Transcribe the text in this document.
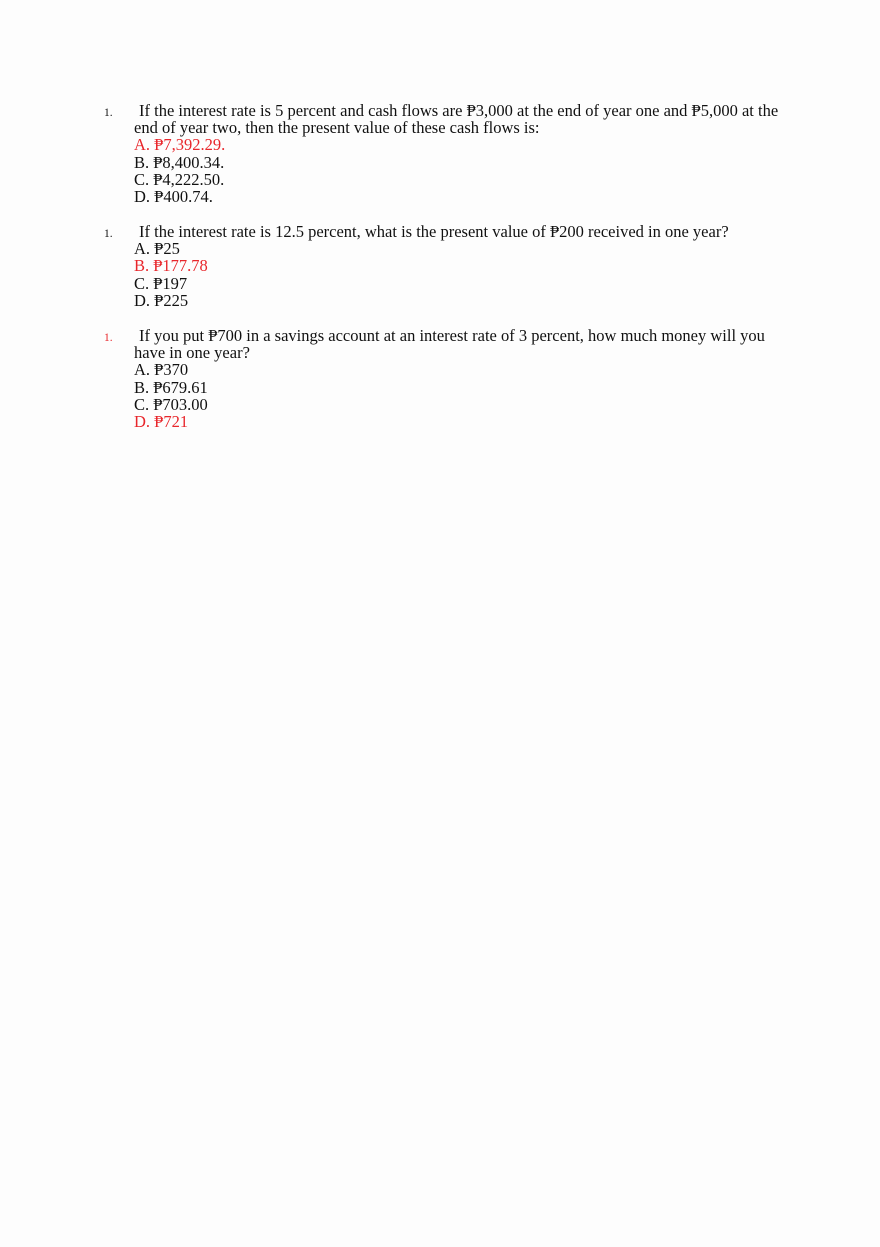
1.	If the interest rate is 5 percent and cash flows are ₱3,000 at the end of year one and ₱5,000 at the end of year two, then the present value of these cash flows is:
A. ₱7,392.29.
B. ₱8,400.34.
C. ₱4,222.50.
D. ₱400.74.
1.	If the interest rate is 12.5 percent, what is the present value of ₱200 received in one year?
A. ₱25
B. ₱177.78
C. ₱197
D. ₱225
1.	If you put ₱700 in a savings account at an interest rate of 3 percent, how much money will you have in one year?
A. ₱370
B. ₱679.61
C. ₱703.00
D. ₱721
